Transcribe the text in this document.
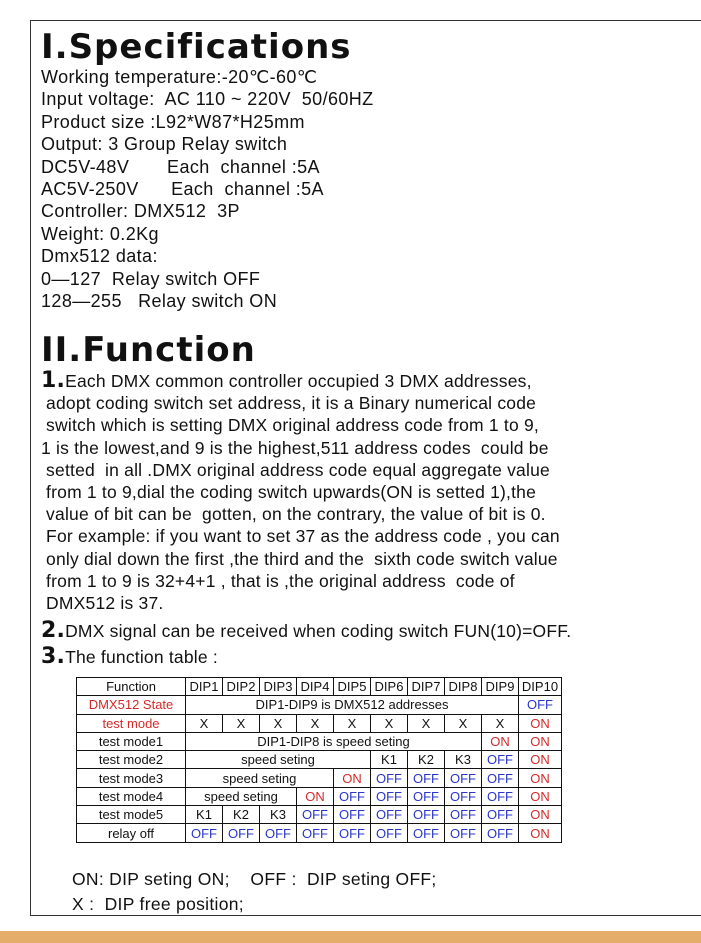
I.Specifications
Working temperature:-20℃-60℃
Input voltage:  AC 110 ~ 220V  50/60HZ
Product size :L92*W87*H25mm
Output: 3 Group Relay switch
DC5V-48V       Each  channel :5A
AC5V-250V      Each  channel :5A
Controller: DMX512  3P
Weight: 0.2Kg
Dmx512 data:
0—127  Relay switch OFF
128—255   Relay switch ON
II.Function
1.Each DMX common controller occupied 3 DMX addresses,
adopt coding switch set address, it is a Binary numerical code
switch which is setting DMX original address code from 1 to 9,
1 is the lowest,and 9 is the highest,511 address codes  could be
setted  in all .DMX original address code equal aggregate value
from 1 to 9,dial the coding switch upwards(ON is setted 1),the
value of bit can be  gotten, on the contrary, the value of bit is 0.
For example: if you want to set 37 as the address code , you can
only dial down the first ,the third and the  sixth code switch value
from 1 to 9 is 32+4+1 , that is ,the original address  code of
DMX512 is 37.
2.DMX signal can be received when coding switch FUN(10)=OFF.
3.The function table :
Function	DIP1	DIP2	DIP3	DIP4	DIP5	DIP6	DIP7	DIP8	DIP9	DIP10
DMX512 State	DIP1-DIP9 is DMX512 addresses									OFF
test mode	X	X	X	X	X	X	X	X	X	ON
test mode1	DIP1-DIP8 is speed seting								ON	ON
test mode2	speed seting					K1	K2	K3	OFF	ON
test mode3	speed seting				ON	OFF	OFF	OFF	OFF	ON
test mode4	speed seting			ON	OFF	OFF	OFF	OFF	OFF	ON
test mode5	K1	K2	K3	OFF	OFF	OFF	OFF	OFF	OFF	ON
relay off	OFF	OFF	OFF	OFF	OFF	OFF	OFF	OFF	OFF	ON
ON: DIP seting ON;    OFF :  DIP seting OFF;
X :  DIP free position;
